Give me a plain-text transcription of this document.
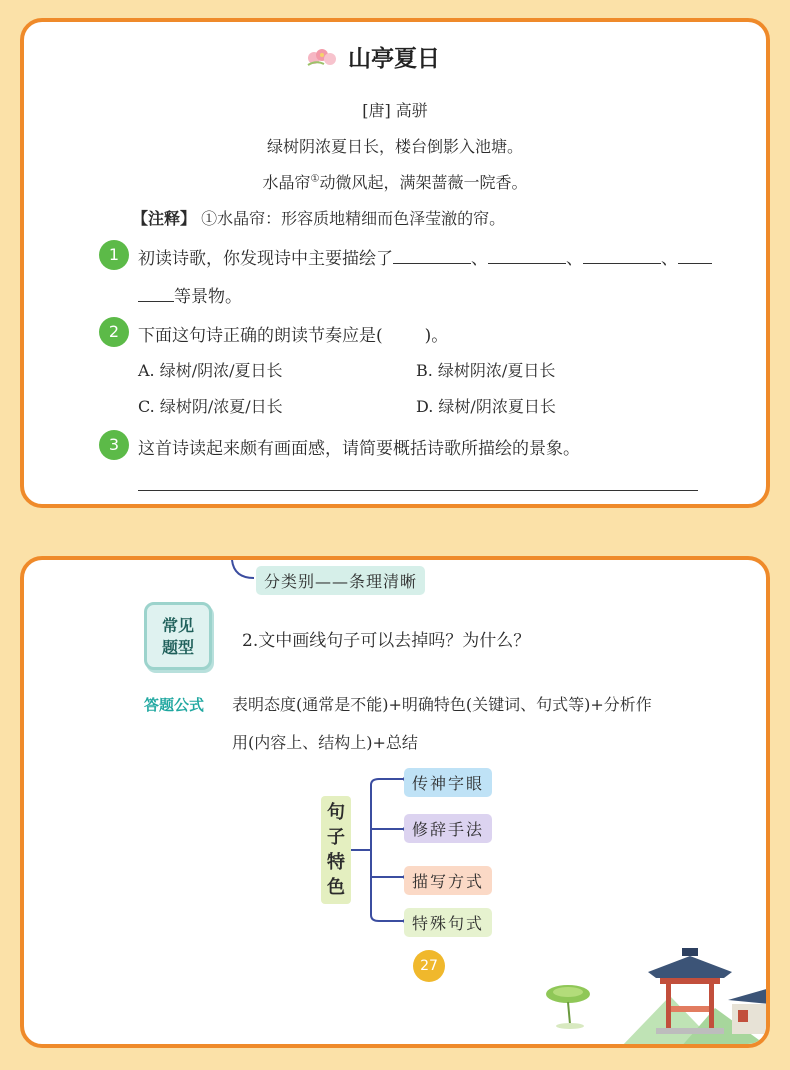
山亭夏日
[唐] 高骈
绿树阴浓夏日长，楼台倒影入池塘。
水晶帘①动微风起，满架蔷薇一院香。
【注释】 ①水晶帘：形容质地精细而色泽莹澈的帘。
1	初读诗歌，你发现诗中主要描绘了	、	、	、
等景物。
2	下面这句诗正确的朗读节奏应是( )。
A. 绿树/阴浓/夏日长	B. 绿树阴浓/夏日长
C. 绿树阴/浓夏/日长	D. 绿树/阴浓夏日长
3	这首诗读起来颇有画面感，请简要概括诗歌所描绘的景象。
分类别——条理清晰
常见
题型	2.文中画线句子可以去掉吗？为什么？
答题公式 表明态度(通常是不能)+明确特色(关键词、句式等)+分析作
用(内容上、结构上)+总结
句子特色
传神字眼
修辞手法
描写方式
特殊句式
27
